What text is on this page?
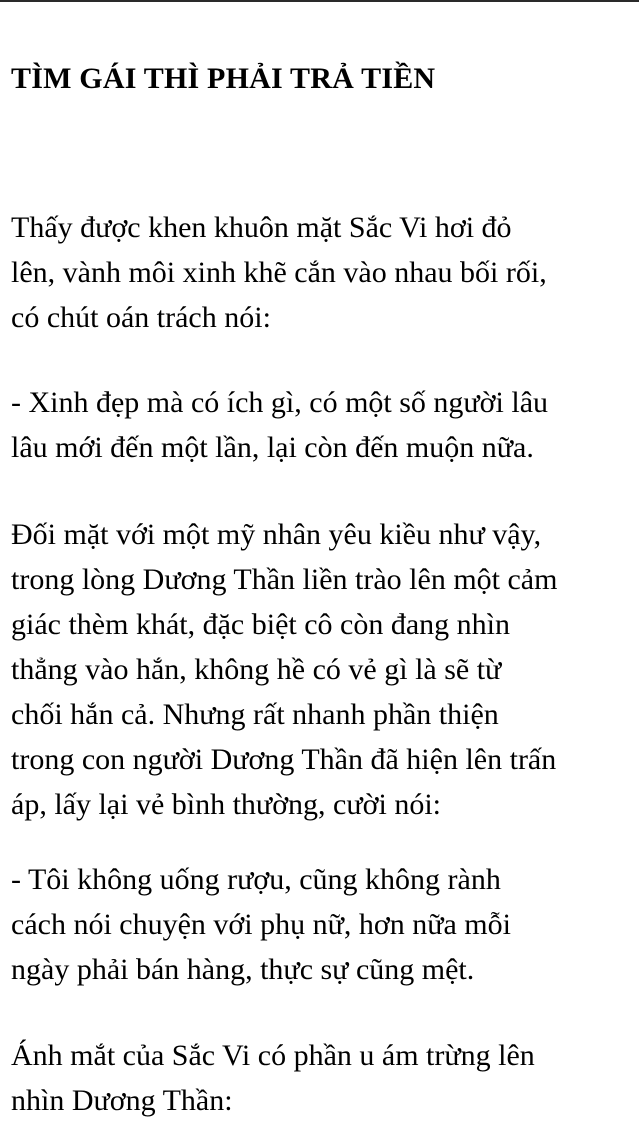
TÌM GÁI THÌ PHẢI TRẢ TIỀN

Thấy được khen khuôn mặt Sắc Vi hơi đỏ
lên, vành môi xinh khẽ cắn vào nhau bối rối,
có chút oán trách nói:

- Xinh đẹp mà có ích gì, có một số người lâu
lâu mới đến một lần, lại còn đến muộn nữa.

Đối mặt với một mỹ nhân yêu kiều như vậy,
trong lòng Dương Thần liền trào lên một cảm
giác thèm khát, đặc biệt cô còn đang nhìn
thẳng vào hắn, không hề có vẻ gì là sẽ từ
chối hắn cả. Nhưng rất nhanh phần thiện
trong con người Dương Thần đã hiện lên trấn
áp, lấy lại vẻ bình thường, cười nói:

- Tôi không uống rượu, cũng không rành
cách nói chuyện với phụ nữ, hơn nữa mỗi
ngày phải bán hàng, thực sự cũng mệt.

Ánh mắt của Sắc Vi có phần u ám trừng lên
nhìn Dương Thần:
